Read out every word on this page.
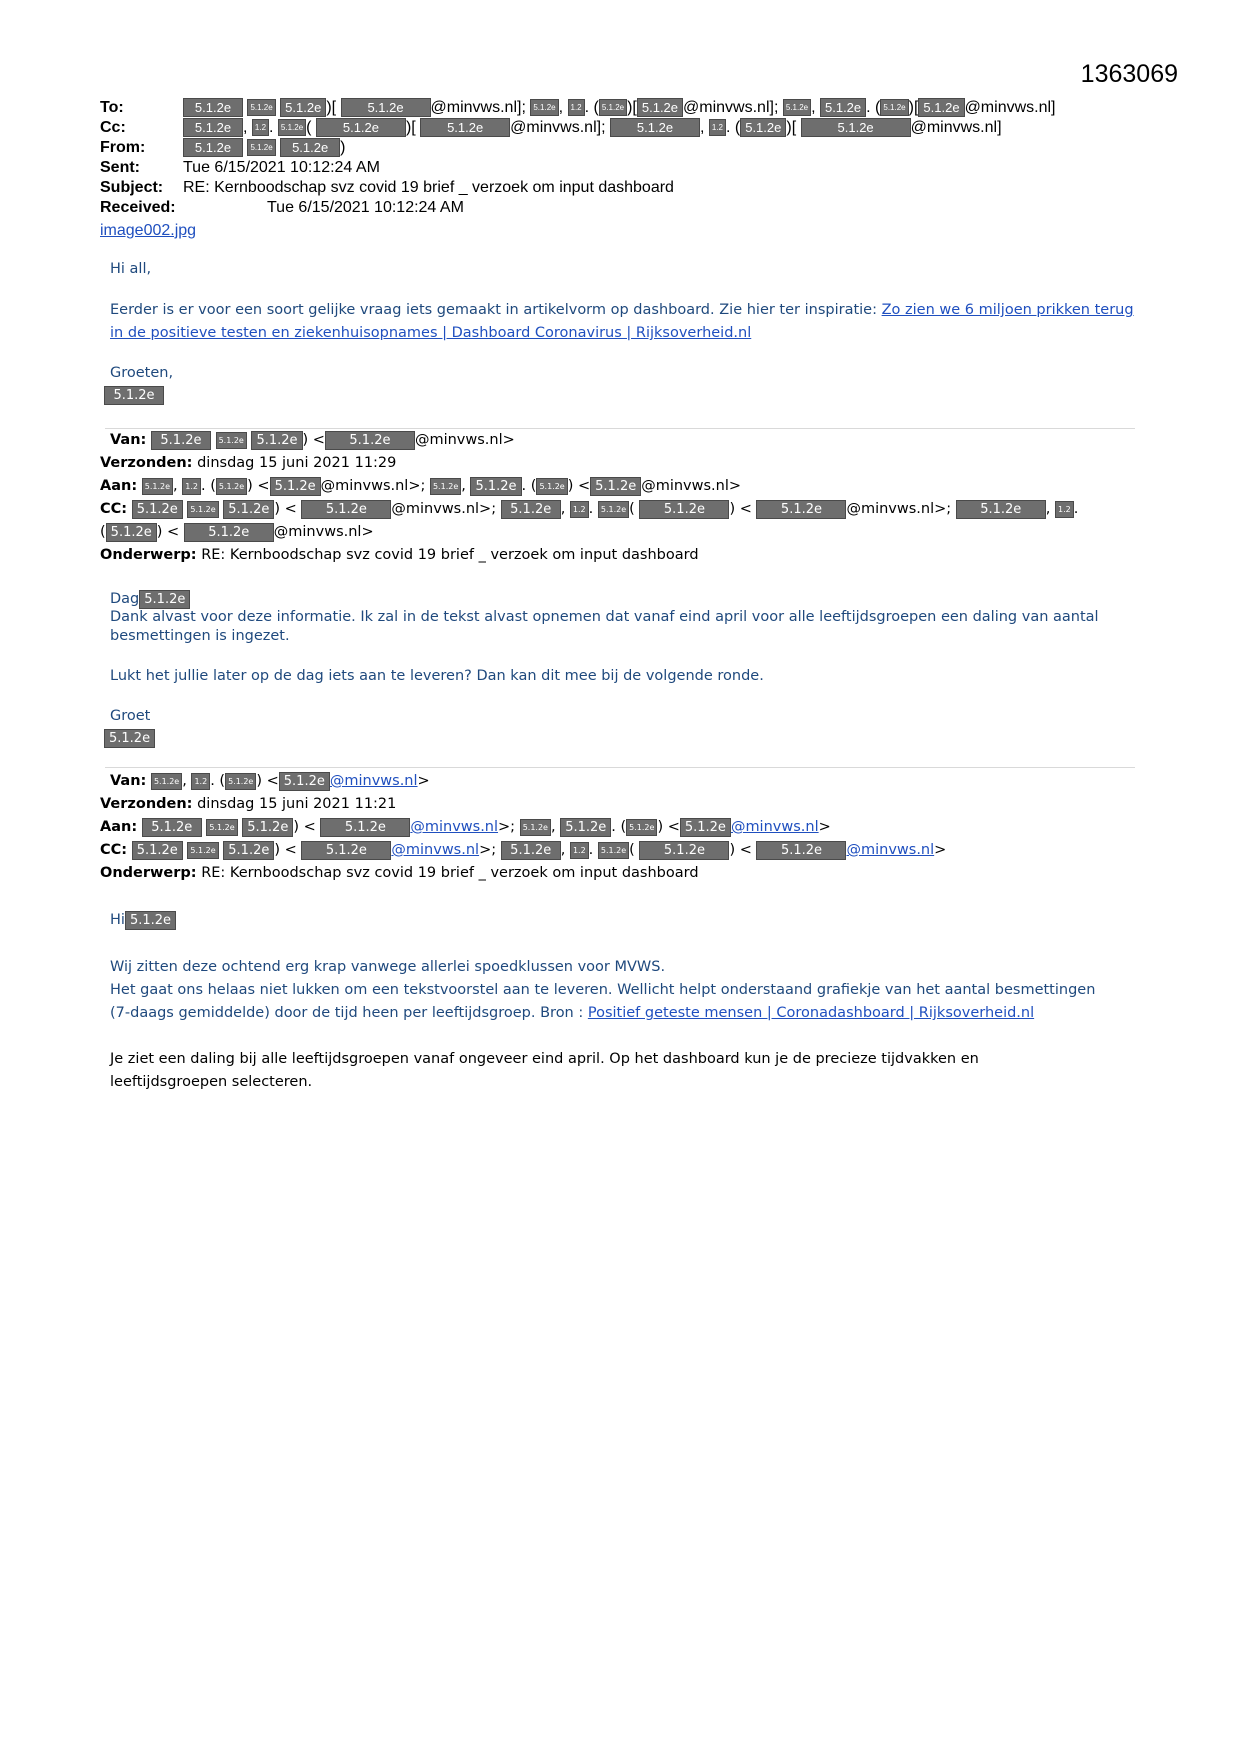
1363069
To:	5.1.2e 5.1.2e 5.1.2e )[ 5.1.2e @minvws.nl]; 5.1.2e , 1.2 . ( 5.1.2e )[ 5.1.2e @minvws.nl]; 5.1.2e , 5.1.2e . ( 5.1.2e )[ 5.1.2e @minvws.nl]
Cc:	5.1.2e , 1.2 . 5.1.2e ( 5.1.2e )[ 5.1.2e @minvws.nl]; 5.1.2e , 1.2 . ( 5.1.2e )[	5.1.2e @minvws.nl]
From:	5.1.2e 5.1.2e 5.1.2e )
Sent:	Tue 6/15/2021 10:12:24 AM
Subject:	RE: Kernboodschap svz covid 19 brief _ verzoek om input dashboard
Received:	Tue 6/15/2021 10:12:24 AM
image002.jpg
Hi all,
Eerder is er voor een soort gelijke vraag iets gemaakt in artikelvorm op dashboard. Zie hier ter inspiratie: Zo zien we 6 miljoen prikken terug in de positieve testen en ziekenhuisopnames | Dashboard Coronavirus | Rijksoverheid.nl
Groeten,
5.1.2e
Van: 5.1.2e 5.1.2e 5.1.2e ) < 5.1.2e @minvws.nl>
Verzonden: dinsdag 15 juni 2021 11:29
Aan: 5.1.2e , 1.2 . ( 5.1.2e ) < 5.1.2e @minvws.nl>; 5.1.2e , 5.1.2e . ( 5.1.2e ) < 5.1.2e @minvws.nl>
CC: 5.1.2e 5.1.2e 5.1.2e ) < 5.1.2e @minvws.nl>; 5.1.2e , 1.2 . 5.1.2e ( 5.1.2e ) < 5.1.2e @minvws.nl>; 5.1.2e , 1.2 .
( 5.1.2e ) < 5.1.2e @minvws.nl>
Onderwerp: RE: Kernboodschap svz covid 19 brief _ verzoek om input dashboard
Dag 5.1.2e
Dank alvast voor deze informatie. Ik zal in de tekst alvast opnemen dat vanaf eind april voor alle leeftijdsgroepen een daling van aantal besmettingen is ingezet.
Lukt het jullie later op de dag iets aan te leveren? Dan kan dit mee bij de volgende ronde.
Groet
5.1.2e
Van: 5.1.2e , 1.2 . ( 5.1.2e ) < 5.1.2e @minvws.nl>
Verzonden: dinsdag 15 juni 2021 11:21
Aan: 5.1.2e 5.1.2e 5.1.2e ) < 5.1.2e @minvws.nl>; 5.1.2e , 5.1.2e . ( 5.1.2e ) < 5.1.2e @minvws.nl>
CC: 5.1.2e 5.1.2e 5.1.2e ) < 5.1.2e @minvws.nl>; 5.1.2e , 1.2 . 5.1.2e ( 5.1.2e ) < 5.1.2e @minvws.nl>
Onderwerp: RE: Kernboodschap svz covid 19 brief _ verzoek om input dashboard
Hi 5.1.2e
Wij zitten deze ochtend erg krap vanwege allerlei spoedklussen voor MVWS.
Het gaat ons helaas niet lukken om een tekstvoorstel aan te leveren. Wellicht helpt onderstaand grafiekje van het aantal besmettingen (7-daags gemiddelde) door de tijd heen per leeftijdsgroep. Bron : Positief geteste mensen | Coronadashboard | Rijksoverheid.nl
Je ziet een daling bij alle leeftijdsgroepen vanaf ongeveer eind april. Op het dashboard kun je de precieze tijdvakken en leeftijdsgroepen selecteren.
